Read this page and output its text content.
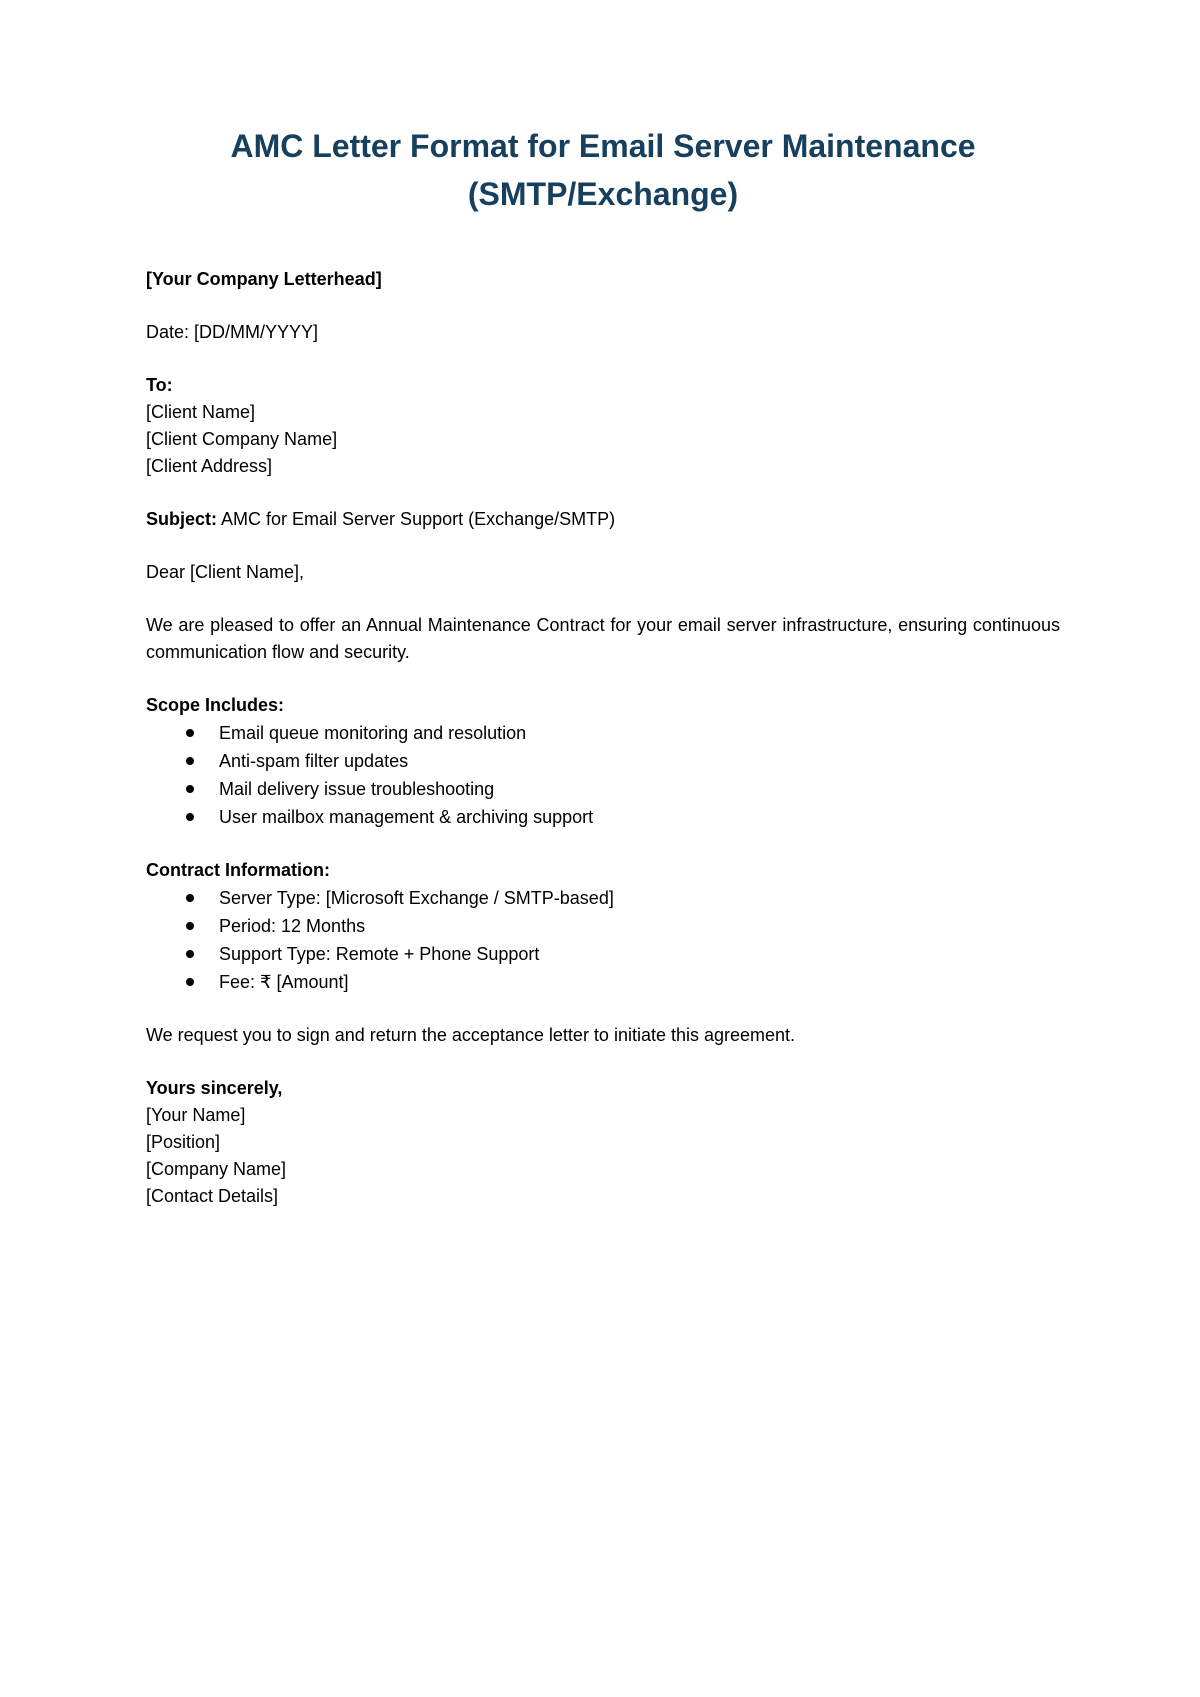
AMC Letter Format for Email Server Maintenance
(SMTP/Exchange)

[Your Company Letterhead]

Date: [DD/MM/YYYY]

To:
[Client Name]
[Client Company Name]
[Client Address]

Subject: AMC for Email Server Support (Exchange/SMTP)

Dear [Client Name],

We are pleased to offer an Annual Maintenance Contract for your email server infrastructure, ensuring continuous communication flow and security.

Scope Includes:
Email queue monitoring and resolution
Anti-spam filter updates
Mail delivery issue troubleshooting
User mailbox management & archiving support
Contract Information:
Server Type: [Microsoft Exchange / SMTP-based]
Period: 12 Months
Support Type: Remote + Phone Support
Fee: ₹ [Amount]

We request you to sign and return the acceptance letter to initiate this agreement.

Yours sincerely,
[Your Name]
[Position]
[Company Name]
[Contact Details]
